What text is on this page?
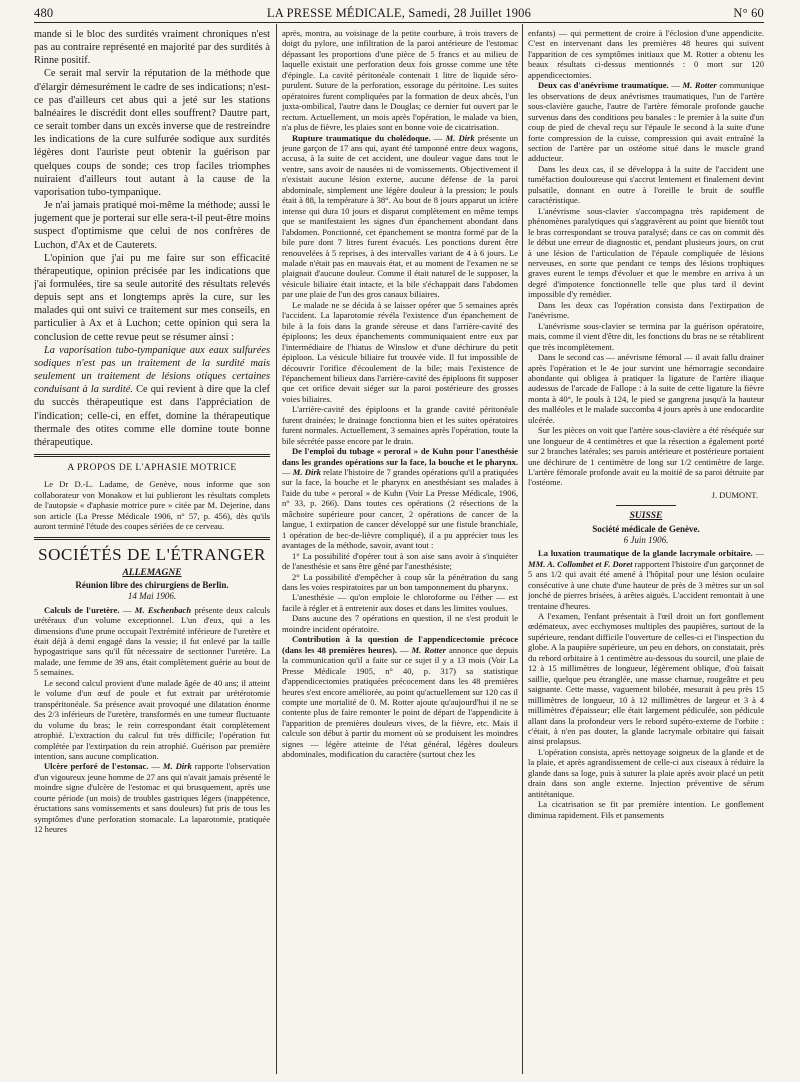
480	LA PRESSE MÉDICALE, Samedi, 28 Juillet 1906	N° 60

mande si le bloc des surdités vraiment chroniques n'est pas au contraire représenté en majorité par des surdités à Rinne positif.

Ce serait mal servir la réputation de la méthode que d'élargir démesurément le cadre de ses indications; n'est-ce pas d'ailleurs cet abus qui a jeté sur les stations balnéaires le discrédit dont elles souffrent? Dautre part, ce serait tomber dans un excès inverse que de restreindre les indications de la cure sulfurée sodique aux surdités légères dont l'auriste peut obtenir la guérison par quelques coups de sonde; ces trop faciles triomphes nuiraient d'ailleurs tout autant à la cause de la vaporisation tubo-tympanique.

Je n'ai jamais pratiqué moi-même la méthode; aussi le jugement que je porterai sur elle sera-t-il peut-être moins suspect d'optimisme que celui de nos confrères de Luchon, d'Ax et de Cauterets.

L'opinion que j'ai pu me faire sur son efficacité thérapeutique, opinion précisée par les indications que j'ai formulées, tire sa seule autorité des résultats relevés depuis sept ans et longtemps après la cure, sur les malades qui ont suivi ce traitement sur mes conseils, en particulier à Ax et à Luchon; cette opinion qui sera la conclusion de cette revue peut se résumer ainsi :

La vaporisation tubo-tympanique aux eaux sulfurées sodiques n'est pas un traitement de la surdité mais seulement un traitement de lésions otiques certaines conduisant à la surdité. Ce qui revient à dire que la clef du succès thérapeutique est dans l'appréciation de l'indication; celle-ci, en effet, domine la thérapeutique thermale des otites comme elle domine toute bonne thérapeutique.

A PROPOS DE L'APHASIE MOTRICE

Le Dr D.-L. Ladame, de Genève, nous informe que son collaborateur von Monakow et lui publieront les résultats complets de l'autopsie « d'aphasie motrice pure » citée par M. Dejerine, dans son article (La Presse Médicale 1906, n° 57, p. 456), dès qu'ils auront terminé l'étude des coupes sériées de ce cerveau.

SOCIÉTÉS DE L'ÉTRANGER
ALLEMAGNE
Réunion libre des chirurgiens de Berlin.
14 Mai 1906.

Calculs de l'uretère. — M. Eschenbach présente deux calculs urétéraux d'un volume exceptionnel. L'un d'eux, qui a les dimensions d'une prune occupait l'extrémité inférieure de l'uretère et était déjà à demi engagé dans la vessie; il fut enlevé par la taille hypogastrique sans qu'il fût nécessaire de sectionner l'uretère. La malade, une femme de 39 ans, était complètement guérie au bout de 5 semaines.

Le second calcul provient d'une malade âgée de 40 ans; il atteint le volume d'un œuf de poule et fut extrait par urétérotomie transpéritonéale. Sa présence avait provoqué une dilatation énorme des 2/3 inférieurs de l'uretère, transformés en une tumeur fluctuante du volume du bras; le rein correspondant était complètement atrophié. L'extraction du calcul fut très difficile; l'opération fut complétée par l'extirpation du rein atrophié. Guérison par première intention, sans aucune complication.

Ulcère perforé de l'estomac. — M. Dirk rapporte l'observation d'un vigoureux jeune homme de 27 ans qui n'avait jamais présenté le moindre signe d'ulcère de l'estomac et qui brusquement, après une courte période (un mois) de troubles gastriques légers (inappétence, éructations sans vomissements et sans douleurs) fut pris de tous les symptômes d'une perforation stomacale. La laparotomie, pratiquée 12 heures

après, montra, au voisinage de la petite courbure, à trois travers de doigt du pylore, une infiltration de la paroi antérieure de l'estomac dépassant les proportions d'une pièce de 5 francs et au milieu de laquelle existait une perforation deux fois grosse comme une tête d'épingle. La cavité péritonéale contenait 1 litre de liquide séro-purulent. Suture de la perforation, essorage du péritoine. Les suites opératoires furent compliquées par la formation de deux abcès, l'un juxta-ombilical, l'autre dans le Douglas; ce dernier fut ouvert par le rectum. Actuellement, un mois après l'opération, le malade va bien, n'a plus de fièvre, les plaies sont en bonne voie de cicatrisation.

Rupture traumatique du cholédoque. — M. Dirk présente un jeune garçon de 17 ans qui, ayant été tamponné entre deux wagons, accusa, à la suite de cet accident, une douleur vague dans tout le ventre, sans avoir de nausées ni de vomissements. Objectivement il n'existait aucune lésion externe, aucune défense de la paroi abdominale, simplement une légère douleur à la pression; le pouls était à 88, la température à 38°. Au bout de 8 jours apparut un ictère intense qui dura 10 jours et disparut complètement en même temps que se manifestaient les signes d'un épanchement abondant dans l'abdomen. Ponctionné, cet épanchement se montra formé par de la bile pure dont 7 litres furent évacués. Les ponctions durent être renouvelées à 5 reprises, à des intervalles variant de 4 à 6 jours. Le malade n'était pas en mauvais état, et au moment de l'examen ne se plaignait d'aucune douleur. Comme il était naturel de le supposer, la vésicule biliaire était intacte, et la bile s'échappait dans l'abdomen par une plaie de l'un des gros canaux biliaires.

Le malade ne se décida à se laisser opérer que 5 semaines après l'accident. La laparotomie révéla l'existence d'un épanchement de bile à la fois dans la grande séreuse et dans l'arrière-cavité des épiploons; les deux épanchements communiquaient entre eux par l'intermédiaire de l'hiatus de Winslow et d'une déchirure du petit épiploon. La vésicule biliaire fut trouvée vide. Il fut impossible de découvrir l'orifice d'écoulement de la bile; mais l'existence de l'épanchement bilieux dans l'arrière-cavité des épiploons fit supposer que cet orifice devait siéger sur la paroi postérieure des grosses voies biliaires.

L'arrière-cavité des épiploons et la grande cavité péritonéale furent drainées; le drainage fonctionna bien et les suites opératoires furent normales. Actuellement, 3 semaines après l'opération, toute la bile sécrétée passe encore par le drain.

De l'emploi du tubage « peroral » de Kuhn pour l'anesthésie dans les grandes opérations sur la face, la bouche et le pharynx. — M. Dirk relate l'histoire de 7 grandes opérations qu'il a pratiquées sur la face, la bouche et le pharynx en anesthésiant ses malades à l'aide du tube « peroral » de Kuhn (Voir La Presse Médicale, 1906, n° 33, p. 266). Dans toutes ces opérations (2 résections de la mâchoire supérieure pour cancer, 2 opérations de cancer de la langue, 1 extirpation de cancer développé sur une fistule branchiale, 1 opération de bec-de-lièvre compliqué), il a pu apprécier tous les avantages de la méthode, savoir, avant tout :

1° La possibilité d'opérer tout à son aise sans avoir à s'inquiéter de l'anesthésie et sans être gêné par l'anesthésiste;

2° La possibilité d'empêcher à coup sûr la pénétration du sang dans les voies respiratoires par un bon tamponnement du pharynx.

L'anesthésie — qu'on emploie le chloroforme ou l'éther — est facile à régler et à entretenir aux doses et dans les limites voulues.

Dans aucune des 7 opérations en question, il ne s'est produit le moindre incident opératoire.

Contribution à la question de l'appendicectomie précoce (dans les 48 premières heures). — M. Rotter annonce que depuis la communication qu'il a faite sur ce sujet il y a 13 mois (Voir La Presse Médicale 1905, n° 40, p. 317) sa statistique d'appendicectomies pratiquées précocement dans les 48 premières heures s'est encore améliorée, au point qu'actuellement sur 120 cas il compte une mortalité de 0. M. Rotter ajoute qu'aujourd'hui il ne se contente plus de faire remonter le point de départ de l'appendicite à l'apparition de premières douleurs vives, de la fièvre, etc. Mais il calcule son début à partir du moment où se produisent les moindres signes — légère atteinte de l'état général, légères douleurs abdominales, modification du caractère (surtout chez les

enfants) — qui permettent de croire à l'éclosion d'une appendicite. C'est en intervenant dans les premières 48 heures qui suivent l'apparition de ces symptômes initiaux que M. Rotter a obtenu les beaux résultats ci-dessus mentionnés : 0 mort sur 120 appendicectomies.

Deux cas d'anévrisme traumatique. — M. Rotter communique les observations de deux anévrismes traumatiques, l'un de l'artère sous-clavière gauche, l'autre de l'artère fémorale profonde gauche survenus dans des conditions peu banales : le premier à la suite d'un coup de pied de cheval reçu sur l'épaule le second à la suite d'une forte compression de la cuisse, compression qui avait entraîné la section de l'artère par un ostéome situé dans le muscle grand adducteur.

Dans les deux cas, il se développa à la suite de l'accident une tuméfaction douloureuse qui s'accrut lentement et finalement devint pulsatile, donnant en outre à l'oreille le bruit de souffle caractéristique.

L'anévrisme sous-clavier s'accompagna très rapidement de phénomènes paralytiques qui s'aggravèrent au point que bientôt tout le bras correspondant se trouva paralysé; dans ce cas on commit dès le début une erreur de diagnostic et, pendant plusieurs jours, on crut à une lésion de l'articulation de l'épaule compliquée de lésions nerveuses, en sorte que pendant ce temps des lésions trophiques graves eurent le temps d'évoluer et que le membre en arriva à un degré d'impotence fonctionnelle telle que plus tard il devint impossible d'y remédier.

Dans les deux cas l'opération consista dans l'extirpation de l'anévrisme.

L'anévrisme sous-clavier se termina par la guérison opératoire, mais, comme il vient d'être dit, les fonctions du bras ne se rétablirent que très incomplètement.

Dans le second cas — anévrisme fémoral — il avait fallu drainer après l'opération et le 4e jour survint une hémorragie secondaire abondante qui obligea à pratiquer la ligature de l'artère iliaque audessus de l'arcade de Fallope : à la suite de cette ligature la fièvre monta à 40°, le pouls à 124, le pied se gangrena jusqu'à la hauteur des malléoles et le malade succomba 4 jours après à une endocardite ulcérée.

Sur les pièces on voit que l'artère sous-clavière a été réséquée sur une longueur de 4 centimètres et que la résection a également porté sur 2 branches latérales; ses parois antérieure et postérieure portaient une déchirure de 1 centimètre de long sur 1/2 centimètre de large. L'artère fémorale profonde avait eu la moitié de sa paroi détruite par l'ostéome.

J. DUMONT.
SUISSE
Société médicale de Genève.
6 Juin 1906.

La luxation traumatique de la glande lacrymale orbitaire. — MM. A. Collombet et F. Doret rapportent l'histoire d'un garçonnet de 5 ans 1/2 qui avait été amené à l'hôpital pour une lésion oculaire consécutive à une chute d'une hauteur de près de 3 mètres sur un sol jonché de pierres brisées, à arêtes aiguës. L'accident remontait à une trentaine d'heures.

A l'examen, l'enfant présentait à l'œil droit un fort gonflement œdémateux, avec ecchymoses multiples des paupières, surtout de la supérieure, rendant difficile l'ouverture de celles-ci et l'inspection du globe. A la paupière supérieure, un peu en dehors, on constatait, près du rebord orbitaire à 1 centimètre au-dessous du sourcil, une plaie de 12 à 15 millimètres de longueur, légèrement oblique, d'où faisait saillie, quelque peu étranglée, une masse charnue, rougeâtre et peu saignante. Cette masse, vaguement bilobée, mesurait à peu près 15 millimètres de longueur, 10 à 12 millimètres de largeur et 3 à 4 millimètres d'épaisseur; elle était largement pédiculée, son pédicule allant dans la profondeur vers le rebord supéro-externe de l'orbite : c'était, à n'en pas douter, la glande lacrymale orbitaire qui faisait ainsi prolapsus.

L'opération consista, après nettoyage soigneux de la glande et de la plaie, et après agrandissement de celle-ci aux ciseaux à réduire la glande dans sa loge, puis à suturer la plaie après avoir placé un petit drain dans son angle externe. Injection préventive de sérum antitétanique.

La cicatrisation se fit par première intention. Le gonflement diminua rapidement. Fils et pansements
